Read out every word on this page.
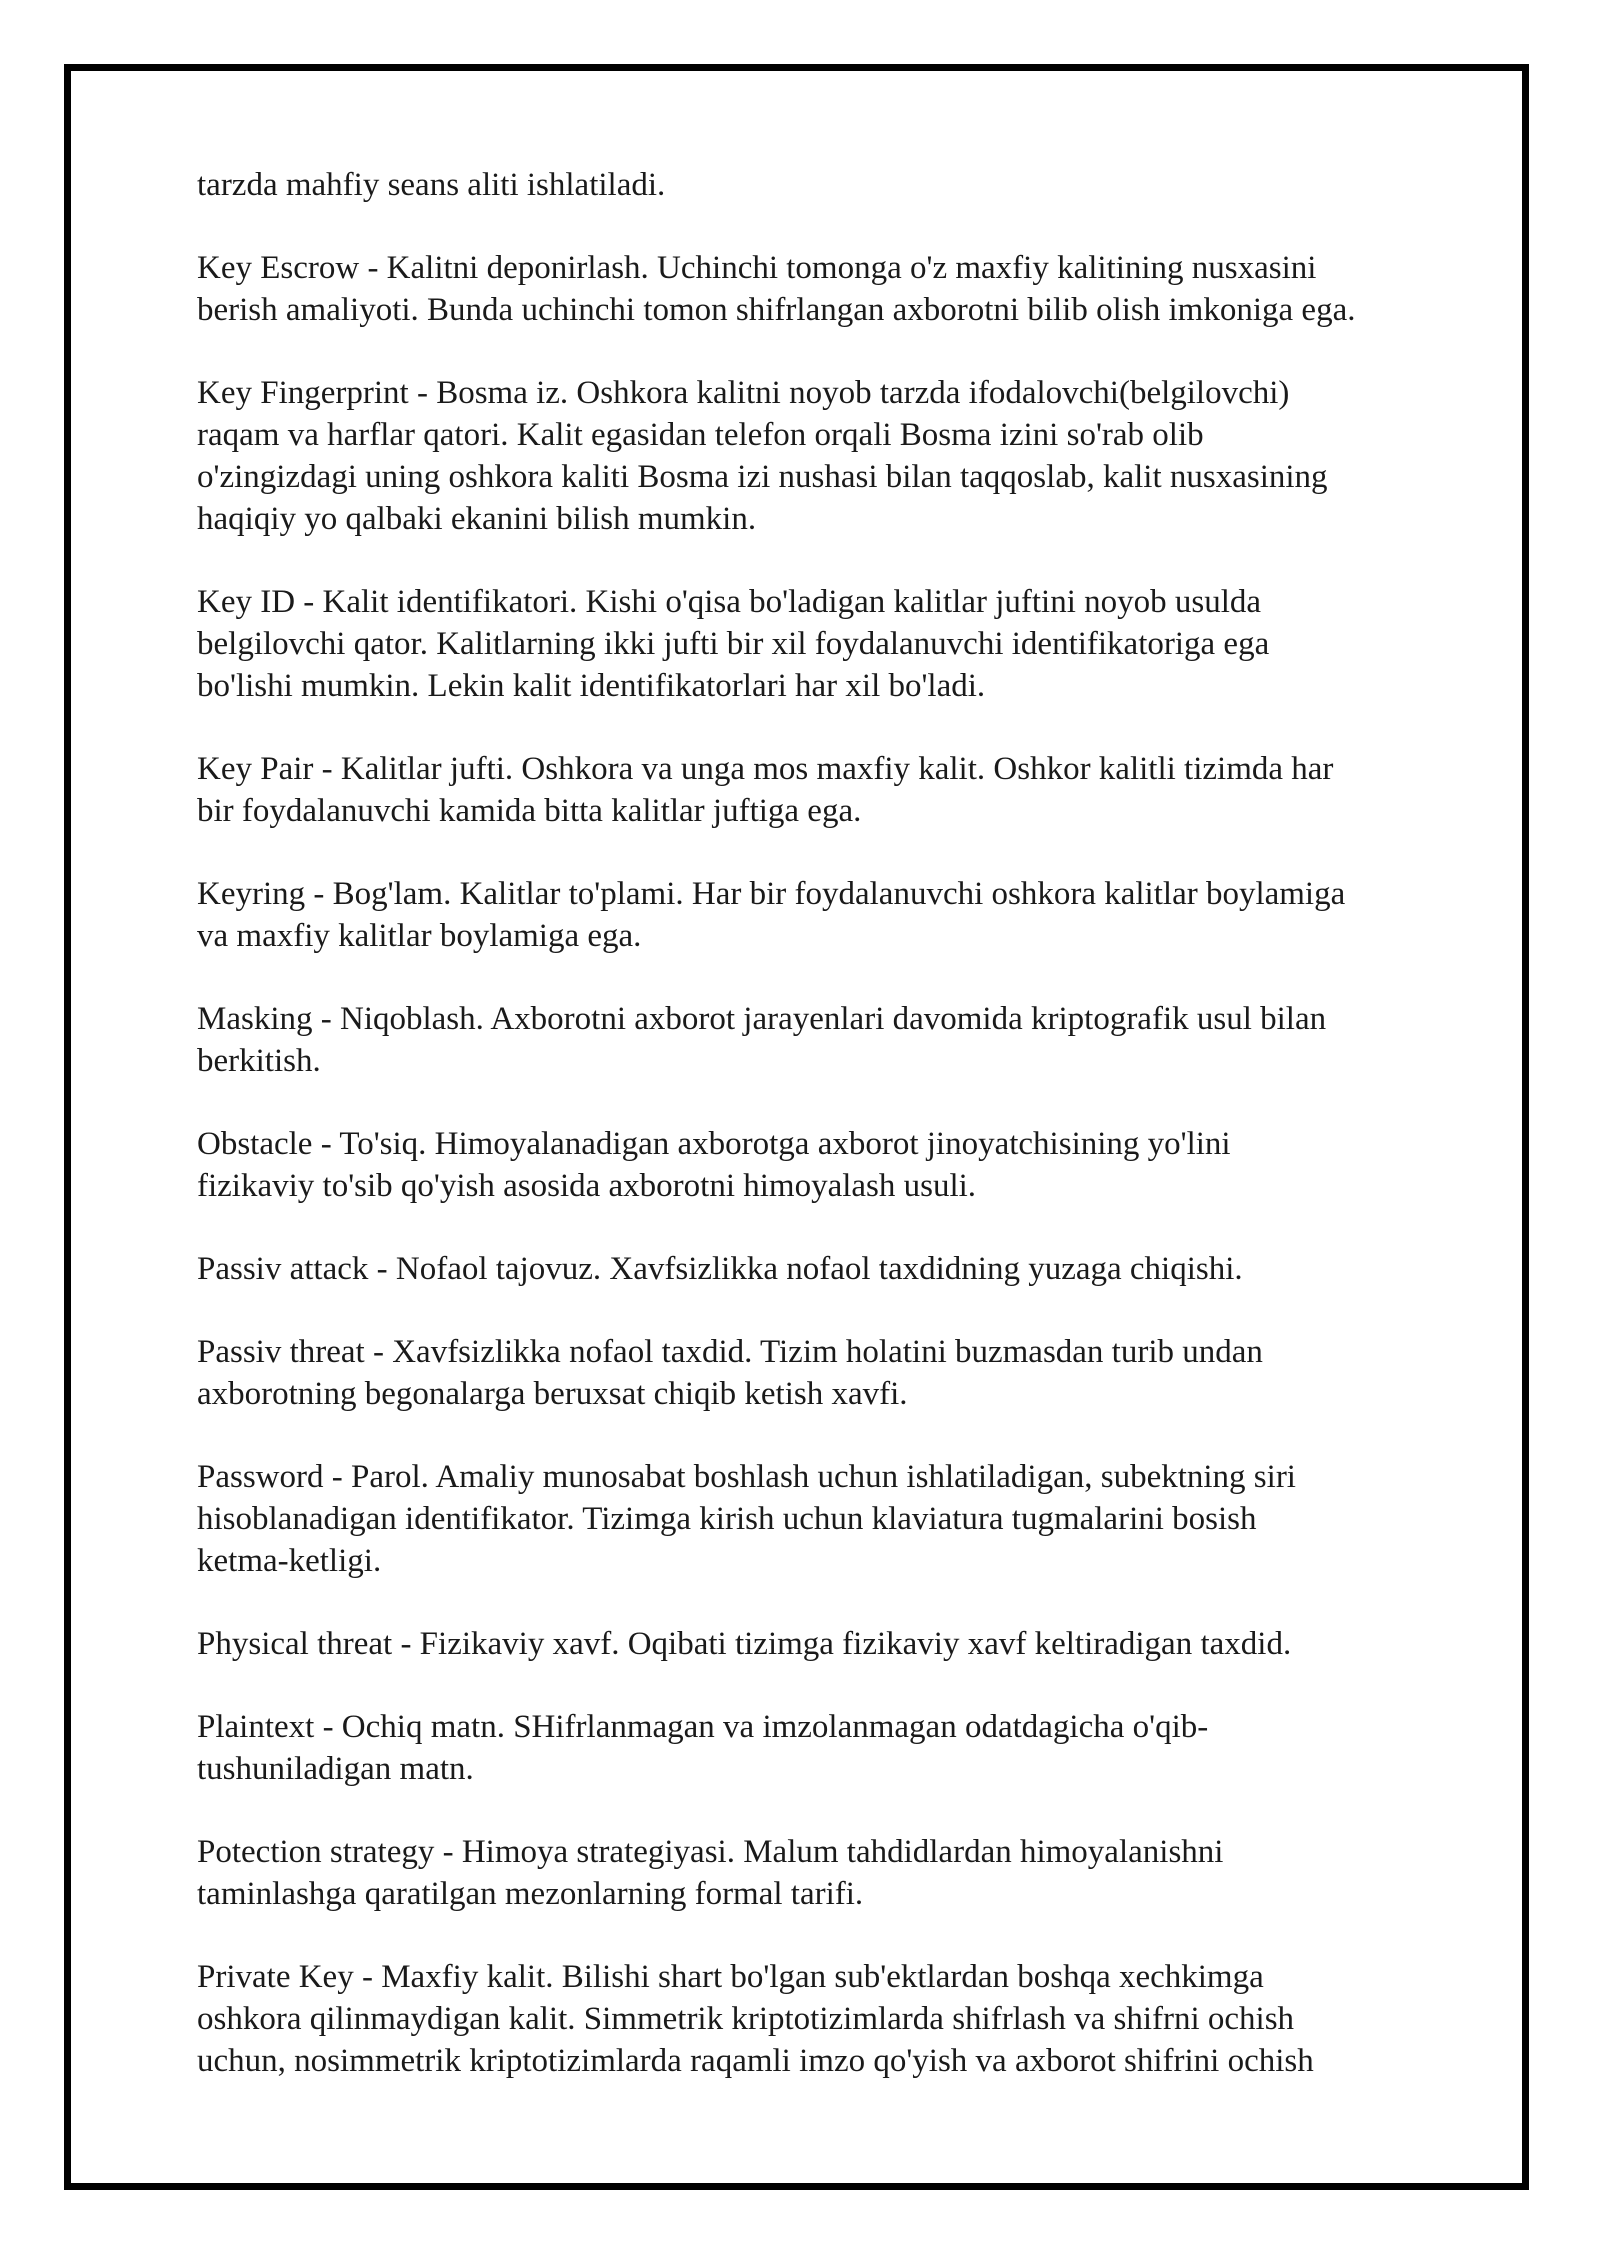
tarzda mahfiy seans aliti ishlatiladi.

Key Escrow - Kalitni deponirlash. Uchinchi tomonga o'z maxfiy kalitining nusxasini
berish amaliyoti. Bunda uchinchi tomon shifrlangan axborotni bilib olish imkoniga ega.

Key Fingerprint - Bosma iz. Oshkora kalitni noyob tarzda ifodalovchi(belgilovchi)
raqam va harflar qatori. Kalit egasidan telefon orqali Bosma izini so'rab olib
o'zingizdagi uning oshkora kaliti Bosma izi nushasi bilan taqqoslab, kalit nusxasining
haqiqiy yo qalbaki ekanini bilish mumkin.

Key ID - Kalit identifikatori. Kishi o'qisa bo'ladigan kalitlar juftini noyob usulda
belgilovchi qator. Kalitlarning ikki jufti bir xil foydalanuvchi identifikatoriga ega
bo'lishi mumkin. Lekin kalit identifikatorlari har xil bo'ladi.

Key Pair - Kalitlar jufti. Oshkora va unga mos maxfiy kalit. Oshkor kalitli tizimda har
bir foydalanuvchi kamida bitta kalitlar juftiga ega.

Keyring - Bog'lam. Kalitlar to'plami. Har bir foydalanuvchi oshkora kalitlar boylamiga
va maxfiy kalitlar boylamiga ega.

Masking - Niqoblash. Axborotni axborot jarayenlari davomida kriptografik usul bilan
berkitish.

Obstacle - To'siq. Himoyalanadigan axborotga axborot jinoyatchisining yo'lini
fizikaviy to'sib qo'yish asosida axborotni himoyalash usuli.

Passiv attack - Nofaol tajovuz. Xavfsizlikka nofaol taxdidning yuzaga chiqishi.

Passiv threat - Xavfsizlikka nofaol taxdid. Tizim holatini buzmasdan turib undan
axborotning begonalarga beruxsat chiqib ketish xavfi.

Password - Parol. Amaliy munosabat boshlash uchun ishlatiladigan, subektning siri
hisoblanadigan identifikator. Tizimga kirish uchun klaviatura tugmalarini bosish
ketma-ketligi.

Physical threat - Fizikaviy xavf. Oqibati tizimga fizikaviy xavf keltiradigan taxdid.

Plaintext - Ochiq matn. SHifrlanmagan va imzolanmagan odatdagicha o'qib-
tushuniladigan matn.

Potection strategy - Himoya strategiyasi. Malum tahdidlardan himoyalanishni
taminlashga qaratilgan mezonlarning formal tarifi.

Private Key - Maxfiy kalit. Bilishi shart bo'lgan sub'ektlardan boshqa xechkimga
oshkora qilinmaydigan kalit. Simmetrik kriptotizimlarda shifrlash va shifrni ochish
uchun, nosimmetrik kriptotizimlarda raqamli imzo qo'yish va axborot shifrini ochish
